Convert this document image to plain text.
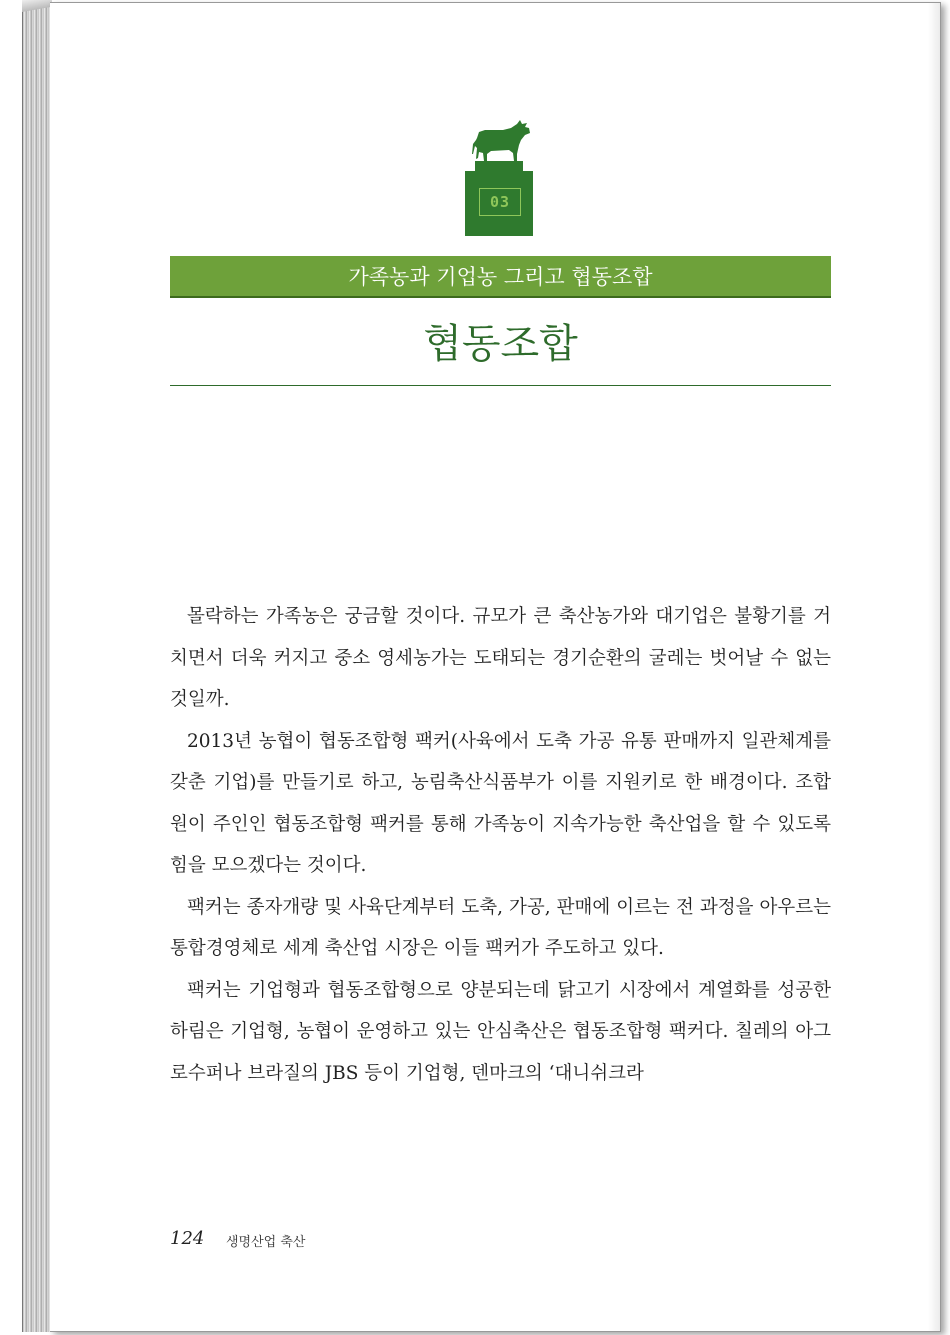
03
가족농과 기업농 그리고 협동조합
협동조합

몰락하는 가족농은 궁금할 것이다. 규모가 큰 축산농가와 대기업은 불황기를 거치면서 더욱 커지고 중소 영세농가는 도태되는 경기순환의 굴레는 벗어날 수 없는 것일까.

2013년 농협이 협동조합형 팩커(사육에서 도축 가공 유통 판매까지 일관체계를 갖춘 기업)를 만들기로 하고, 농림축산식품부가 이를 지원키로 한 배경이다. 조합원이 주인인 협동조합형 팩커를 통해 가족농이 지속가능한 축산업을 할 수 있도록 힘을 모으겠다는 것이다.

팩커는 종자개량 및 사육단계부터 도축, 가공, 판매에 이르는 전 과정을 아우르는 통합경영체로 세계 축산업 시장은 이들 팩커가 주도하고 있다.

팩커는 기업형과 협동조합형으로 양분되는데 닭고기 시장에서 계열화를 성공한 하림은 기업형, 농협이 운영하고 있는 안심축산은 협동조합형 팩커다. 칠레의 아그로수퍼나 브라질의 JBS 등이 기업형, 덴마크의 ‘대니쉬크라

124 생명산업 축산
